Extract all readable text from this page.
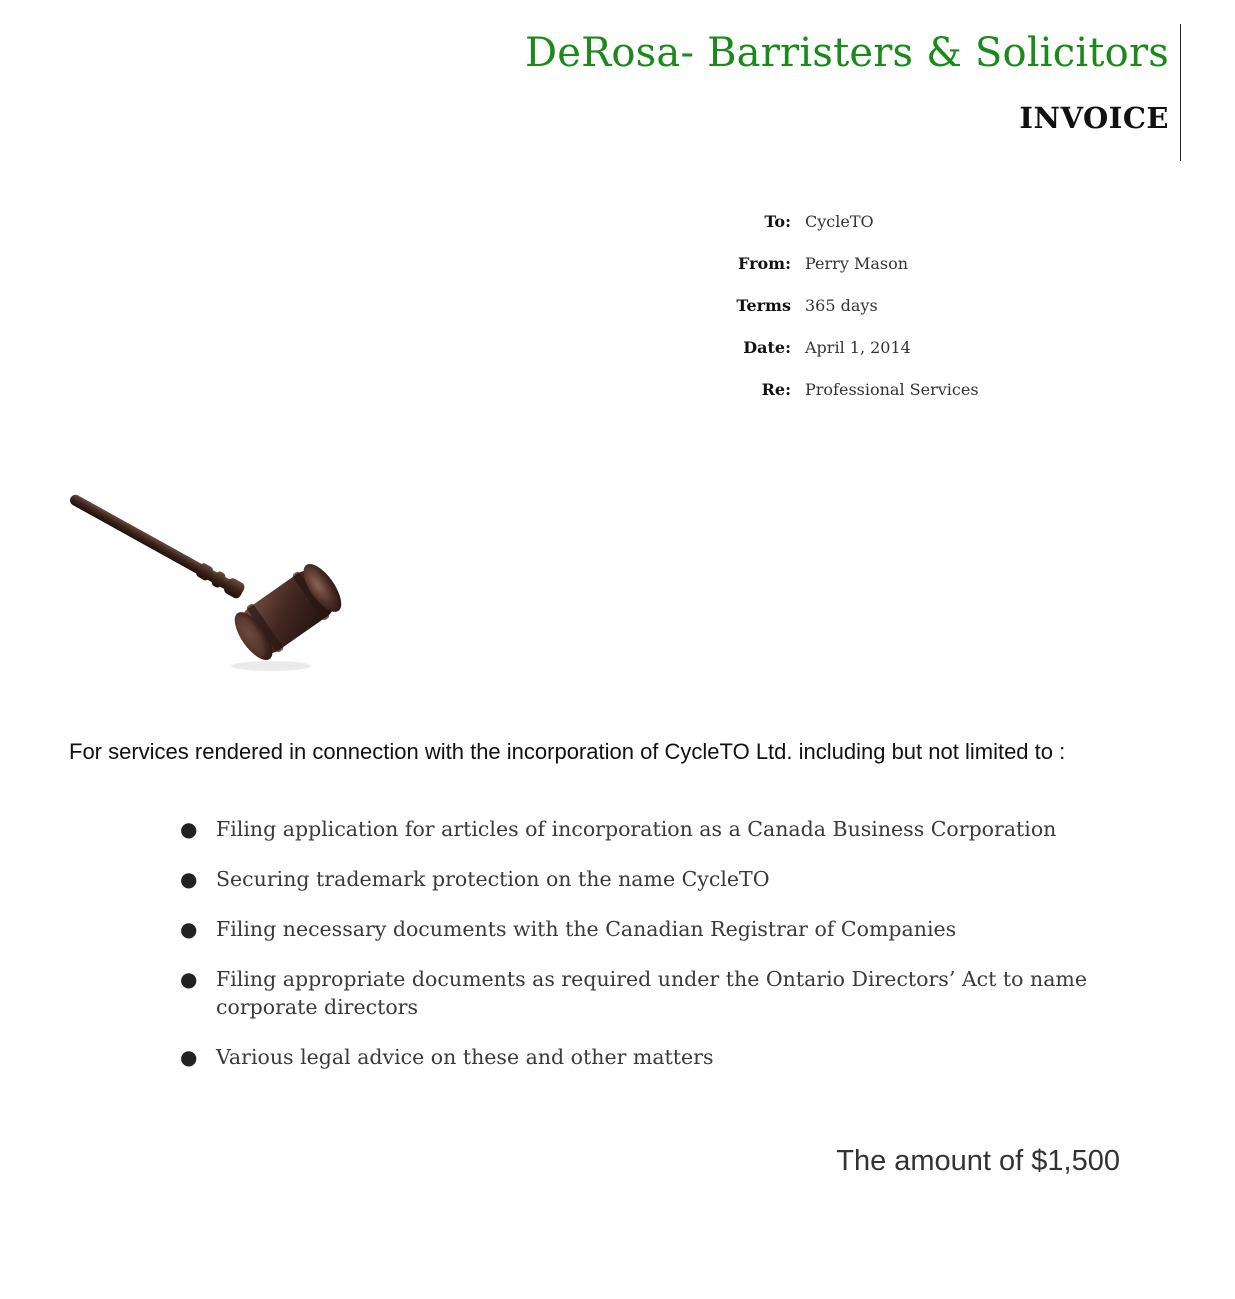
DeRosa- Barristers & Solicitors
INVOICE
To: CycleTO
From: Perry Mason
Terms 365 days
Date: April 1, 2014
Re: Professional Services
For services rendered in connection with the incorporation of CycleTO Ltd. including but not limited to :
● Filing application for articles of incorporation as a Canada Business Corporation
● Securing trademark protection on the name CycleTO
● Filing necessary documents with the Canadian Registrar of Companies
● Filing appropriate documents as required under the Ontario Directors’ Act to name corporate directors
● Various legal advice on these and other matters
The amount of $1,500
